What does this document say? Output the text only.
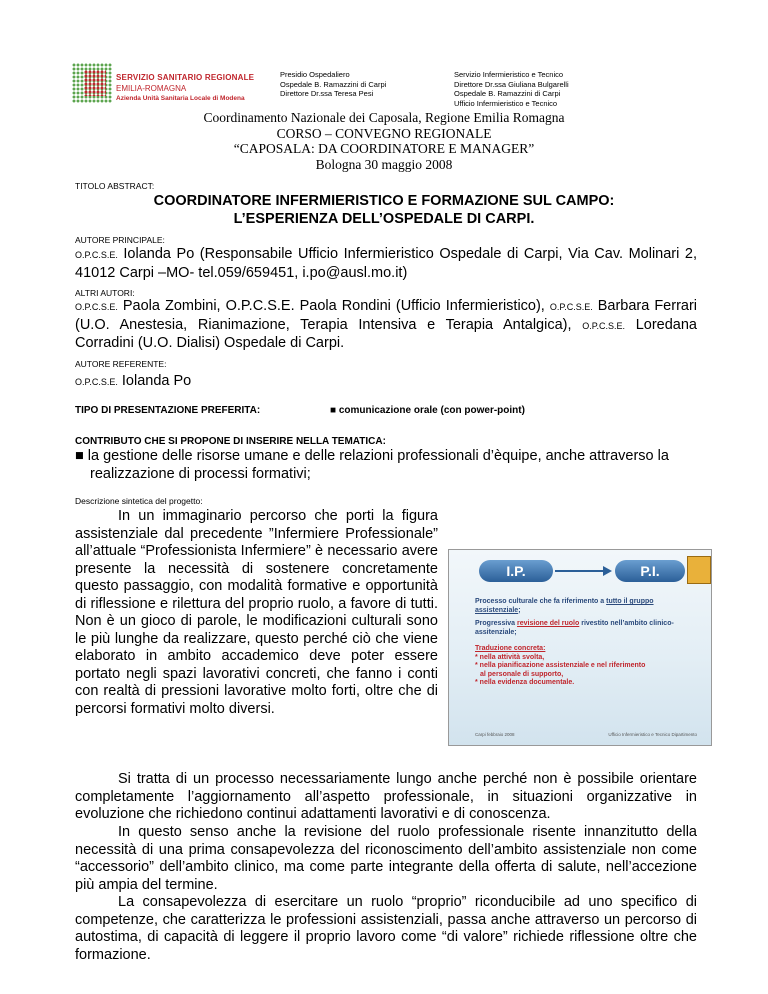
SERVIZIO SANITARIO REGIONALE
EMILIA-ROMAGNA
Azienda Unità Sanitaria Locale di Modena
Presidio Ospedaliero
Ospedale B. Ramazzini di Carpi
Direttore Dr.ssa Teresa Pesi
Servizio Infermieristico e Tecnico
Direttore Dr.ssa Giuliana Bulgarelli
Ospedale B. Ramazzini di Carpi
Ufficio Infermieristico e Tecnico
Coordinamento Nazionale dei Caposala, Regione Emilia Romagna
CORSO – CONVEGNO REGIONALE
“CAPOSALA: DA COORDINATORE E MANAGER”
Bologna 30 maggio 2008
TITOLO ABSTRACT:
COORDINATORE INFERMIERISTICO E FORMAZIONE SUL CAMPO:
L’ESPERIENZA DELL’OSPEDALE DI CARPI.
AUTORE PRINCIPALE:
O.P.C.S.E. Iolanda Po (Responsabile Ufficio Infermieristico Ospedale di Carpi, Via Cav. Molinari 2, 41012 Carpi –MO- tel.059/659451, i.po@ausl.mo.it)
ALTRI AUTORI:
O.P.C.S.E. Paola Zombini, O.P.C.S.E. Paola Rondini (Ufficio Infermieristico), O.P.C.S.E. Barbara Ferrari (U.O. Anestesia, Rianimazione, Terapia Intensiva e Terapia Antalgica), O.P.C.S.E. Loredana Corradini (U.O. Dialisi) Ospedale di Carpi.
AUTORE REFERENTE:
O.P.C.S.E. Iolanda Po
TIPO DI PRESENTAZIONE PREFERITA:	■ comunicazione orale (con power-point)
CONTRIBUTO CHE SI PROPONE DI INSERIRE NELLA TEMATICA:
■ la gestione delle risorse umane e delle relazioni professionali d’èquipe, anche attraverso la realizzazione di processi formativi;
Descrizione sintetica del progetto:
In un immaginario percorso che porti la figura assistenziale dal precedente ”Infermiere Professionale” all’attuale “Professionista Infermiere” è necessario avere presente la necessità di sostenere concretamente questo passaggio, con modalità formative e opportunità di riflessione e rilettura del proprio ruolo, a favore di tutti. Non è un gioco di parole, le modificazioni culturali sono le più lunghe da realizzare, questo perché ciò che viene elaborato in ambito accademico deve poter essere portato negli spazi lavorativi concreti, che fanno i conti con realtà di pressioni lavorative molto forti, oltre che di percorsi formativi molto diversi.
I.P.	P.I.
Processo culturale che fa riferimento a tutto il gruppo assistenziale;
Progressiva revisione del ruolo rivestito nell’ambito clinico-assitenziale;
Traduzione concreta:
* nella attività svolta,
* nella pianificazione assistenziale e nel riferimento
al personale di supporto,
* nella evidenza documentale.
Carpi febbraio 2008	Ufficio Infermieristico e Tecnico Dipartimento
Si tratta di un processo necessariamente lungo anche perché non è possibile orientare completamente l’aggiornamento all’aspetto professionale, in situazioni organizzative in evoluzione che richiedono continui adattamenti lavorativi e di conoscenza.
In questo senso anche la revisione del ruolo professionale risente innanzitutto della necessità di una prima consapevolezza del riconoscimento dell’ambito assistenziale non come “accessorio” dell’ambito clinico, ma come parte integrante della offerta di salute, nell’accezione più ampia del termine.
La consapevolezza di esercitare un ruolo “proprio” riconducibile ad uno specifico di competenze, che caratterizza le professioni assistenziali, passa anche attraverso un percorso di autostima, di capacità di leggere il proprio lavoro come “di valore” richiede riflessione oltre che formazione.
